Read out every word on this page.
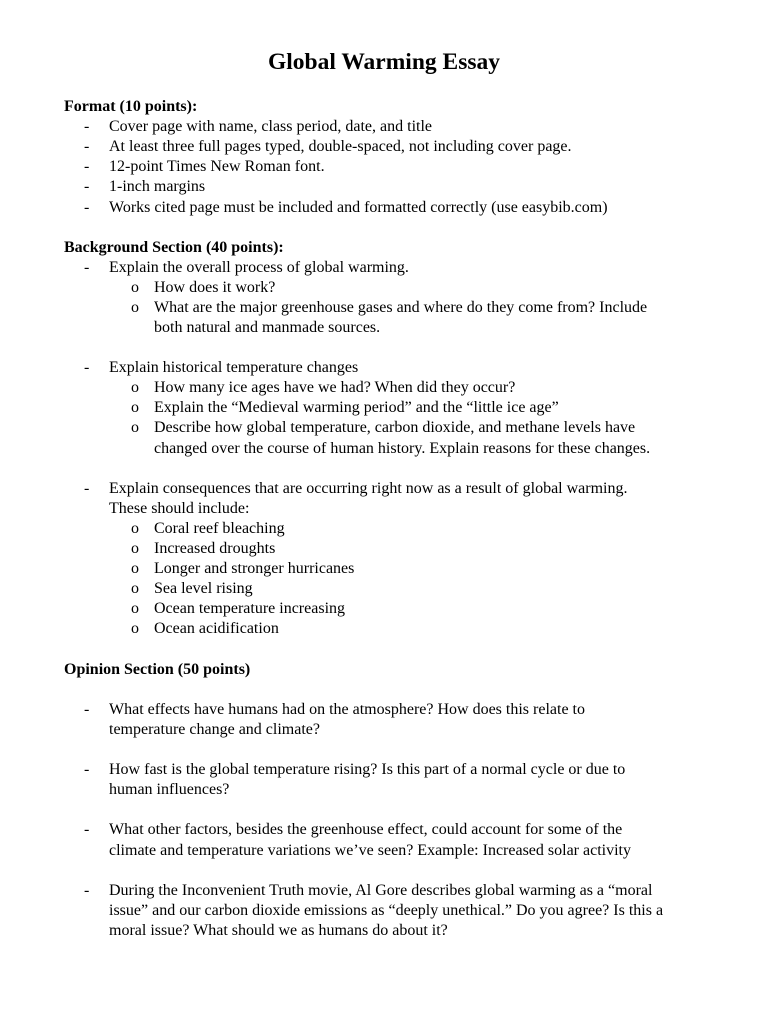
Global Warming Essay
Format (10 points):
- Cover page with name, class period, date, and title
- At least three full pages typed, double-spaced, not including cover page.
- 12-point Times New Roman font.
- 1-inch margins
- Works cited page must be included and formatted correctly (use easybib.com)
Background Section (40 points):
- Explain the overall process of global warming.
o How does it work?
o What are the major greenhouse gases and where do they come from? Include
both natural and manmade sources.
- Explain historical temperature changes
o How many ice ages have we had? When did they occur?
o Explain the “Medieval warming period” and the “little ice age”
o Describe how global temperature, carbon dioxide, and methane levels have
changed over the course of human history. Explain reasons for these changes.
- Explain consequences that are occurring right now as a result of global warming.
These should include:
o Coral reef bleaching
o Increased droughts
o Longer and stronger hurricanes
o Sea level rising
o Ocean temperature increasing
o Ocean acidification
Opinion Section (50 points)
- What effects have humans had on the atmosphere? How does this relate to
temperature change and climate?
- How fast is the global temperature rising? Is this part of a normal cycle or due to
human influences?
- What other factors, besides the greenhouse effect, could account for some of the
climate and temperature variations we’ve seen? Example: Increased solar activity
- During the Inconvenient Truth movie, Al Gore describes global warming as a “moral
issue” and our carbon dioxide emissions as “deeply unethical.” Do you agree? Is this a
moral issue? What should we as humans do about it?
